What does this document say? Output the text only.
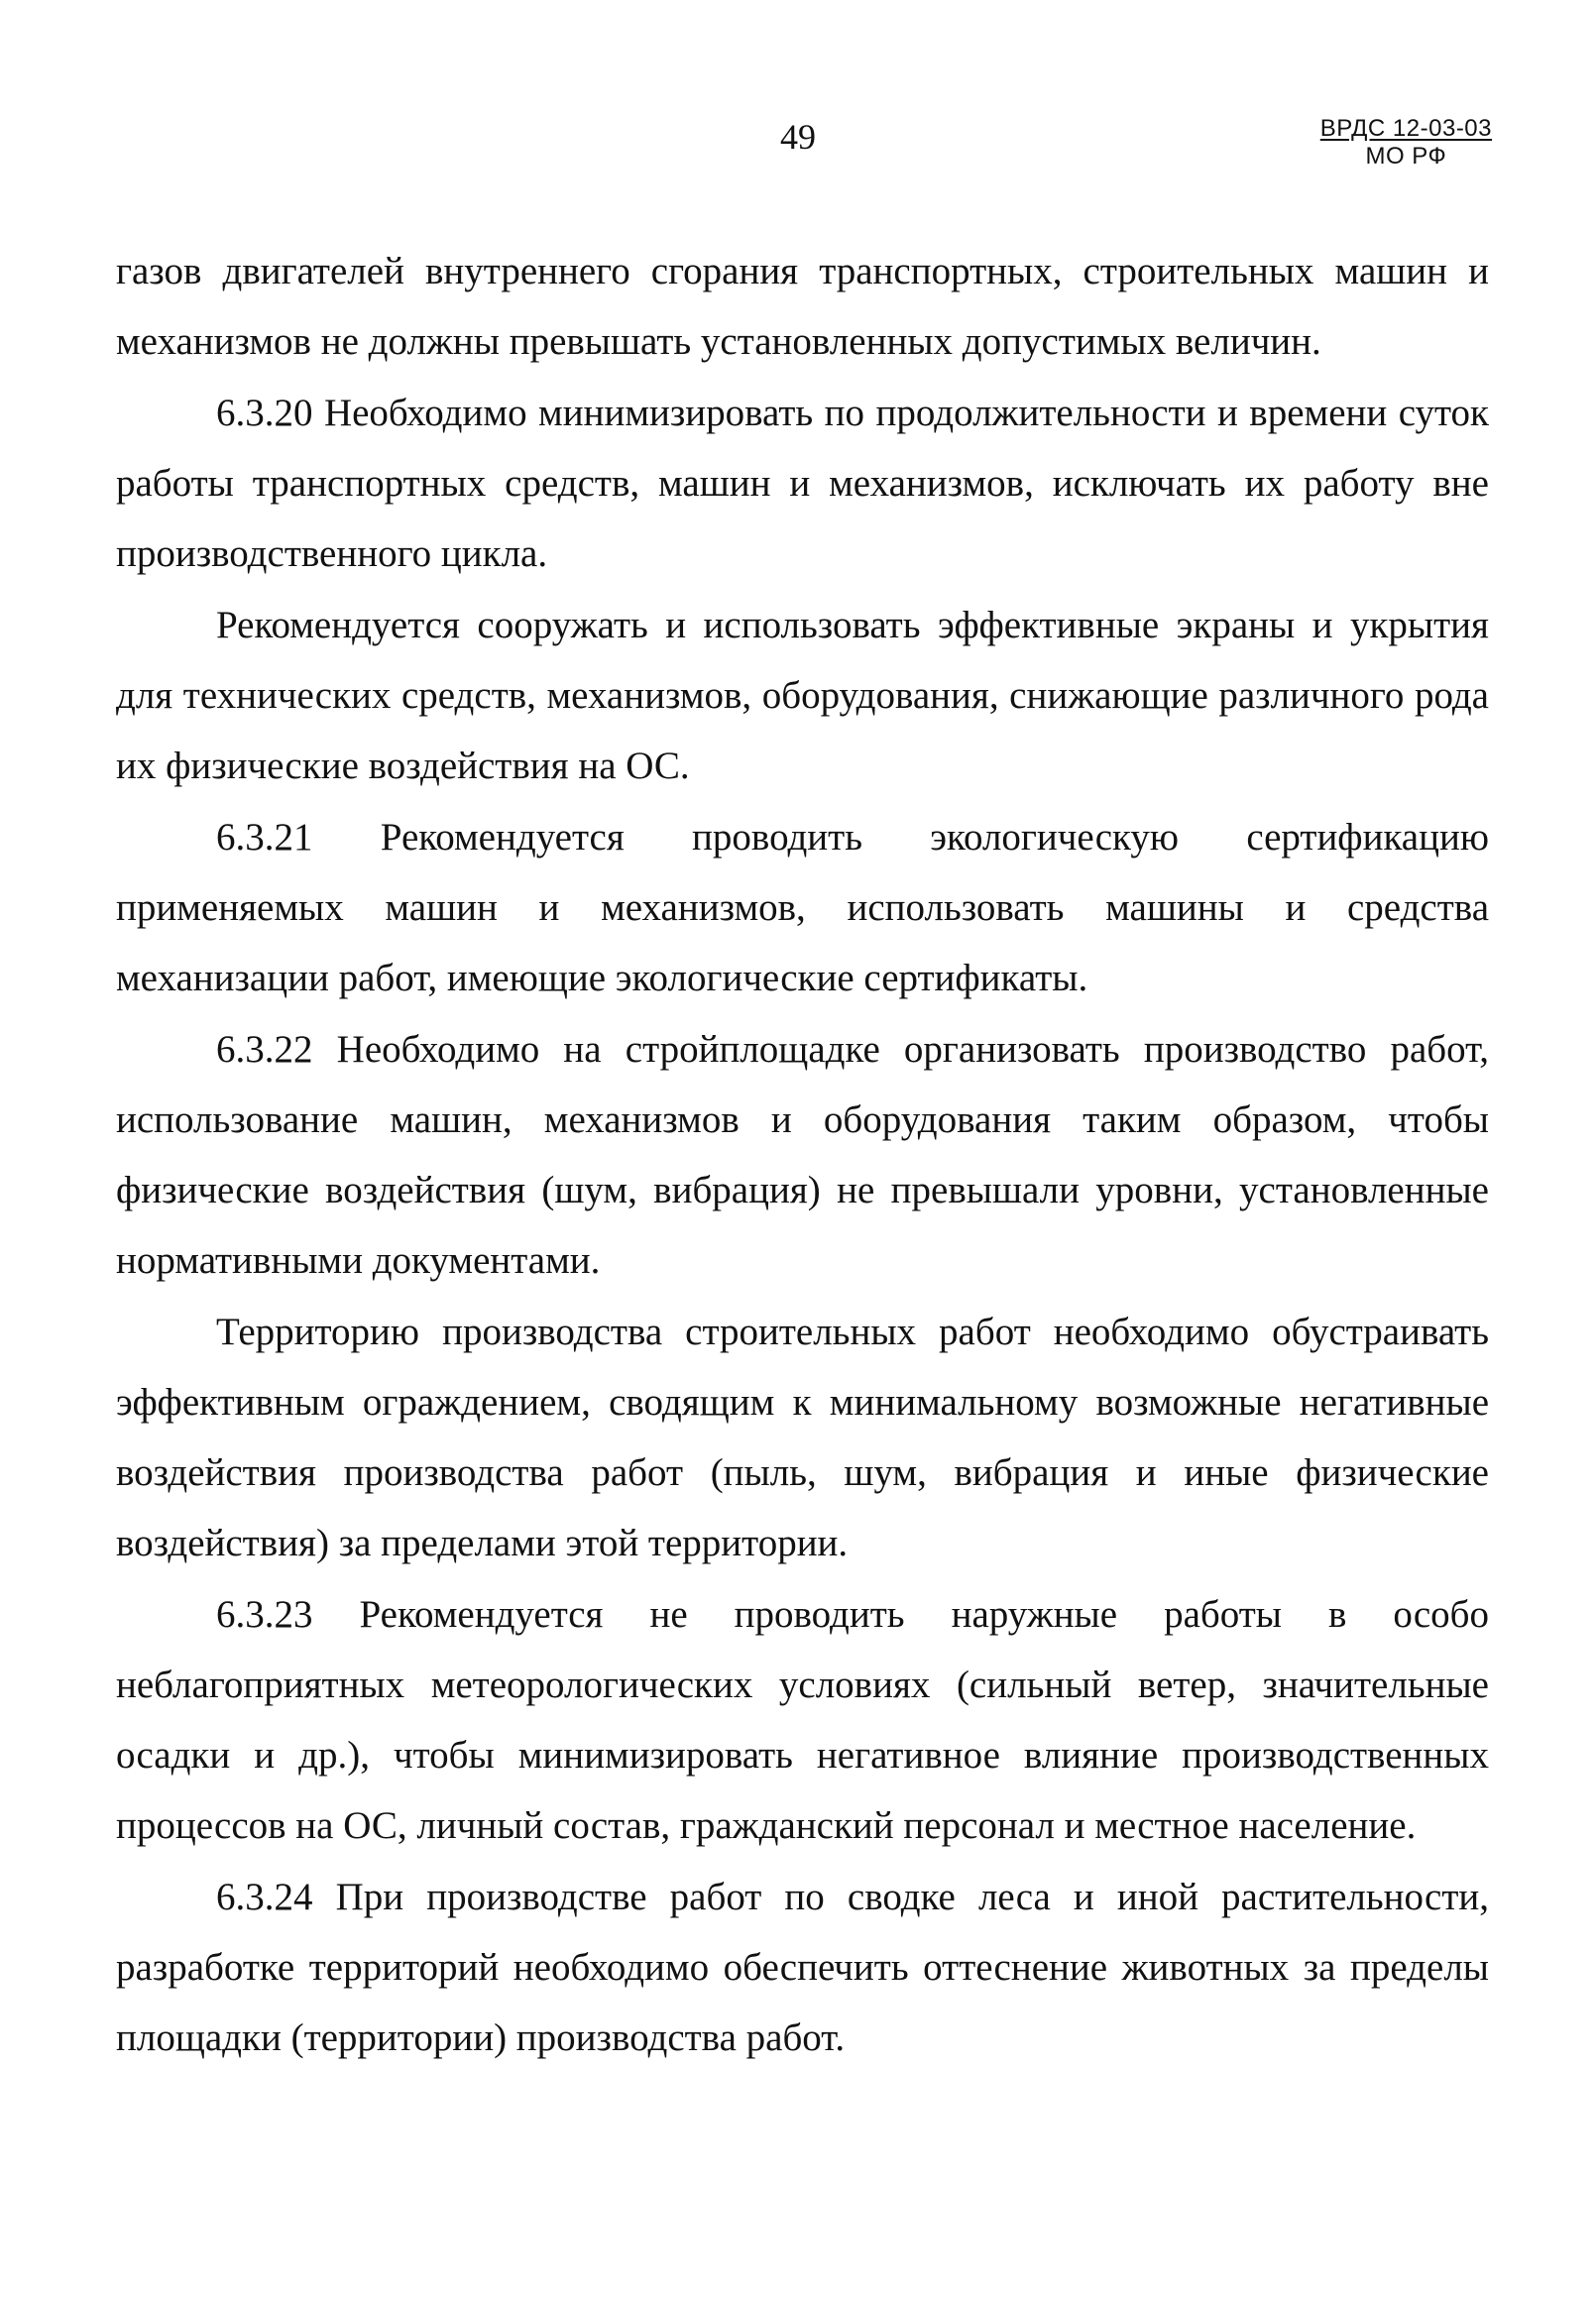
49	ВРДС 12-03-03
МО РФ

газов двигателей внутреннего сгорания транспортных, строительных машин и механизмов не должны превышать установленных допустимых величин.

6.3.20 Необходимо минимизировать по продолжительности и времени суток работы транспортных средств, машин и механизмов, исключать их работу вне производственного цикла.

Рекомендуется сооружать и использовать эффективные экраны и укрытия для технических средств, механизмов, оборудования, снижающие различного рода их физические воздействия на ОС.

6.3.21 Рекомендуется проводить экологическую сертификацию применяемых машин и механизмов, использовать машины и средства механизации работ, имеющие экологические сертификаты.

6.3.22 Необходимо на стройплощадке организовать производство работ, использование машин, механизмов и оборудования таким образом, чтобы физические воздействия (шум, вибрация) не превышали уровни, установленные нормативными документами.

Территорию производства строительных работ необходимо обустраивать эффективным ограждением, сводящим к минимальному возможные негативные воздействия производства работ (пыль, шум, вибрация и иные физические воздействия) за пределами этой территории.

6.3.23 Рекомендуется не проводить наружные работы в особо неблагоприятных метеорологических условиях (сильный ветер, значительные осадки и др.), чтобы минимизировать негативное влияние производственных процессов на ОС, личный состав, гражданский персонал и местное население.

6.3.24 При производстве работ по сводке леса и иной растительности, разработке территорий необходимо обеспечить оттеснение животных за пределы площадки (территории) производства работ.
